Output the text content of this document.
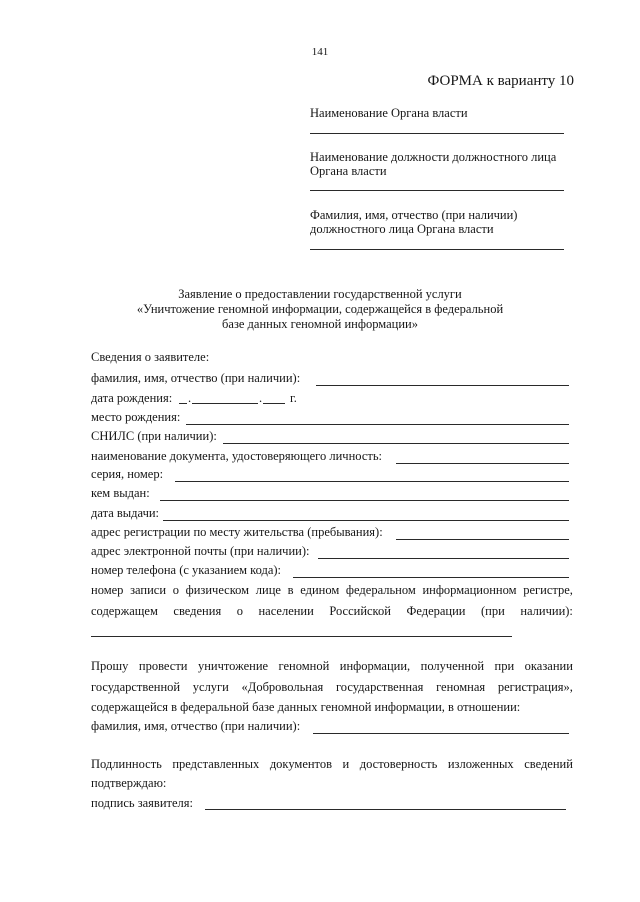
141
ФОРМА к варианту 10
Наименование Органа власти
Наименование должности должностного лица
Органа власти
Фамилия, имя, отчество (при наличии)
должностного лица Органа власти
Заявление о предоставлении государственной услуги
«Уничтожение геномной информации, содержащейся в федеральной
базе данных геномной информации»
Сведения о заявителе:
фамилия, имя, отчество (при наличии):
дата рождения: .	. г.
место рождения:
СНИЛС (при наличии):
наименование документа, удостоверяющего личность:
серия, номер:
кем выдан:
дата выдачи:
адрес регистрации по месту жительства (пребывания):
адрес электронной почты (при наличии):
номер телефона (с указанием кода):
номер записи о физическом лице в едином федеральном информационном регистре,
содержащем сведения о населении Российской Федерации (при наличии):
Прошу провести уничтожение геномной информации, полученной при оказании
государственной услуги «Добровольная государственная геномная регистрация»,
содержащейся в федеральной базе данных геномной информации, в отношении:
фамилия, имя, отчество (при наличии):
Подлинность представленных документов и достоверность изложенных сведений
подтверждаю:
подпись заявителя:
